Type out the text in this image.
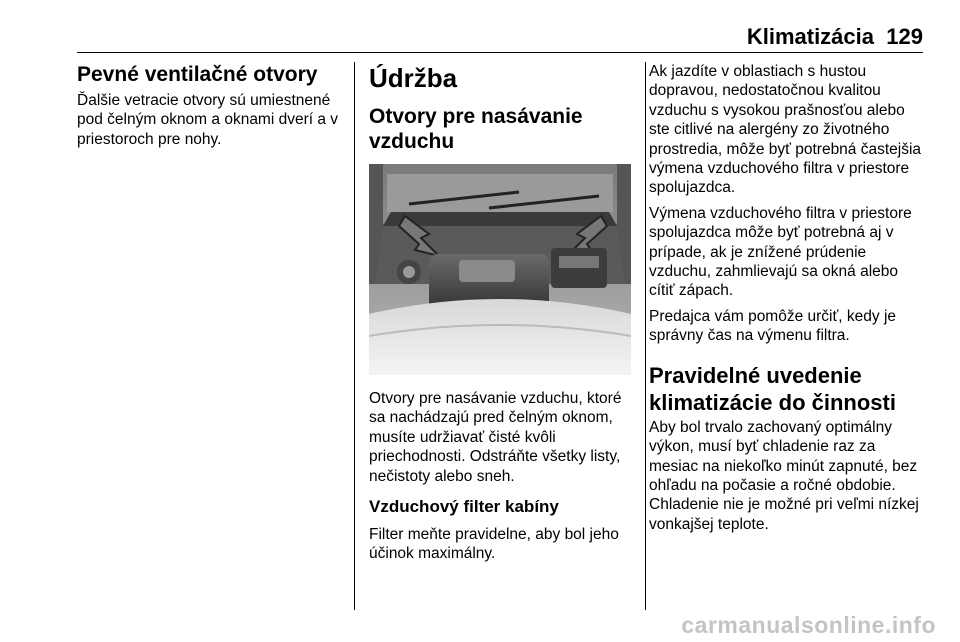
Klimatizácia 129
Pevné ventilačné otvory

Ďalšie vetracie otvory sú umiestnené pod čelným oknom a oknami dverí a v priestoroch pre nohy.

Údržba
Otvory pre nasávanie vzduchu

Otvory pre nasávanie vzduchu, ktoré sa nachádzajú pred čelným oknom, musíte udržiavať čisté kvôli priechodnosti. Odstráňte všetky listy, nečistoty alebo sneh.

Vzduchový filter kabíny

Filter meňte pravidelne, aby bol jeho účinok maximálny.

Ak jazdíte v oblastiach s hustou dopravou, nedostatočnou kvalitou vzduchu s vysokou prašnosťou alebo ste citlivé na alergény zo životného prostredia, môže byť potrebná častejšia výmena vzduchového filtra v priestore spolujazdca.

Výmena vzduchového filtra v priestore spolujazdca môže byť potrebná aj v prípade, ak je znížené prúdenie vzduchu, zahmlievajú sa okná alebo cítiť zápach.

Predajca vám pomôže určiť, kedy je správny čas na výmenu filtra.

Pravidelné uvedenie klimatizácie do činnosti

Aby bol trvalo zachovaný optimálny výkon, musí byť chladenie raz za mesiac na niekoľko minút zapnuté, bez ohľadu na počasie a ročné obdobie. Chladenie nie je možné pri veľmi nízkej vonkajšej teplote.

carmanualsonline.info
